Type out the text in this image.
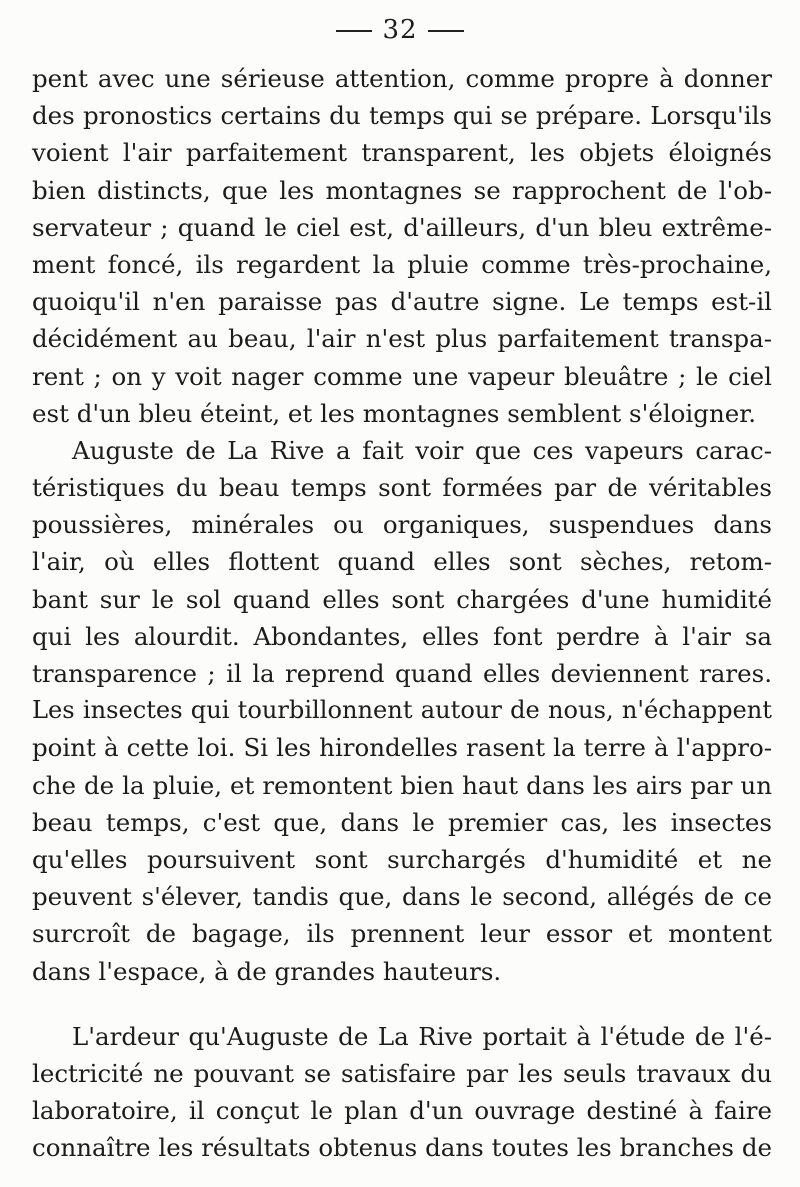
32
pent avec une sérieuse attention, comme propre à donner
des pronostics certains du temps qui se prépare. Lorsqu'ils
voient l'air parfaitement transparent, les objets éloignés
bien distincts, que les montagnes se rapprochent de l'ob-
servateur ; quand le ciel est, d'ailleurs, d'un bleu extrême-
ment foncé, ils regardent la pluie comme très-prochaine,
quoiqu'il n'en paraisse pas d'autre signe. Le temps est-il
décidément au beau, l'air n'est plus parfaitement transpa-
rent ; on y voit nager comme une vapeur bleuâtre ; le ciel
est d'un bleu éteint, et les montagnes semblent s'éloigner.
Auguste de La Rive a fait voir que ces vapeurs carac-
téristiques du beau temps sont formées par de véritables
poussières, minérales ou organiques, suspendues dans
l'air, où elles flottent quand elles sont sèches, retom-
bant sur le sol quand elles sont chargées d'une humidité
qui les alourdit. Abondantes, elles font perdre à l'air sa
transparence ; il la reprend quand elles deviennent rares.
Les insectes qui tourbillonnent autour de nous, n'échappent
point à cette loi. Si les hirondelles rasent la terre à l'appro-
che de la pluie, et remontent bien haut dans les airs par un
beau temps, c'est que, dans le premier cas, les insectes
qu'elles poursuivent sont surchargés d'humidité et ne
peuvent s'élever, tandis que, dans le second, allégés de ce
surcroît de bagage, ils prennent leur essor et montent
dans l'espace, à de grandes hauteurs.
L'ardeur qu'Auguste de La Rive portait à l'étude de l'é-
lectricité ne pouvant se satisfaire par les seuls travaux du
laboratoire, il conçut le plan d'un ouvrage destiné à faire
connaître les résultats obtenus dans toutes les branches de
